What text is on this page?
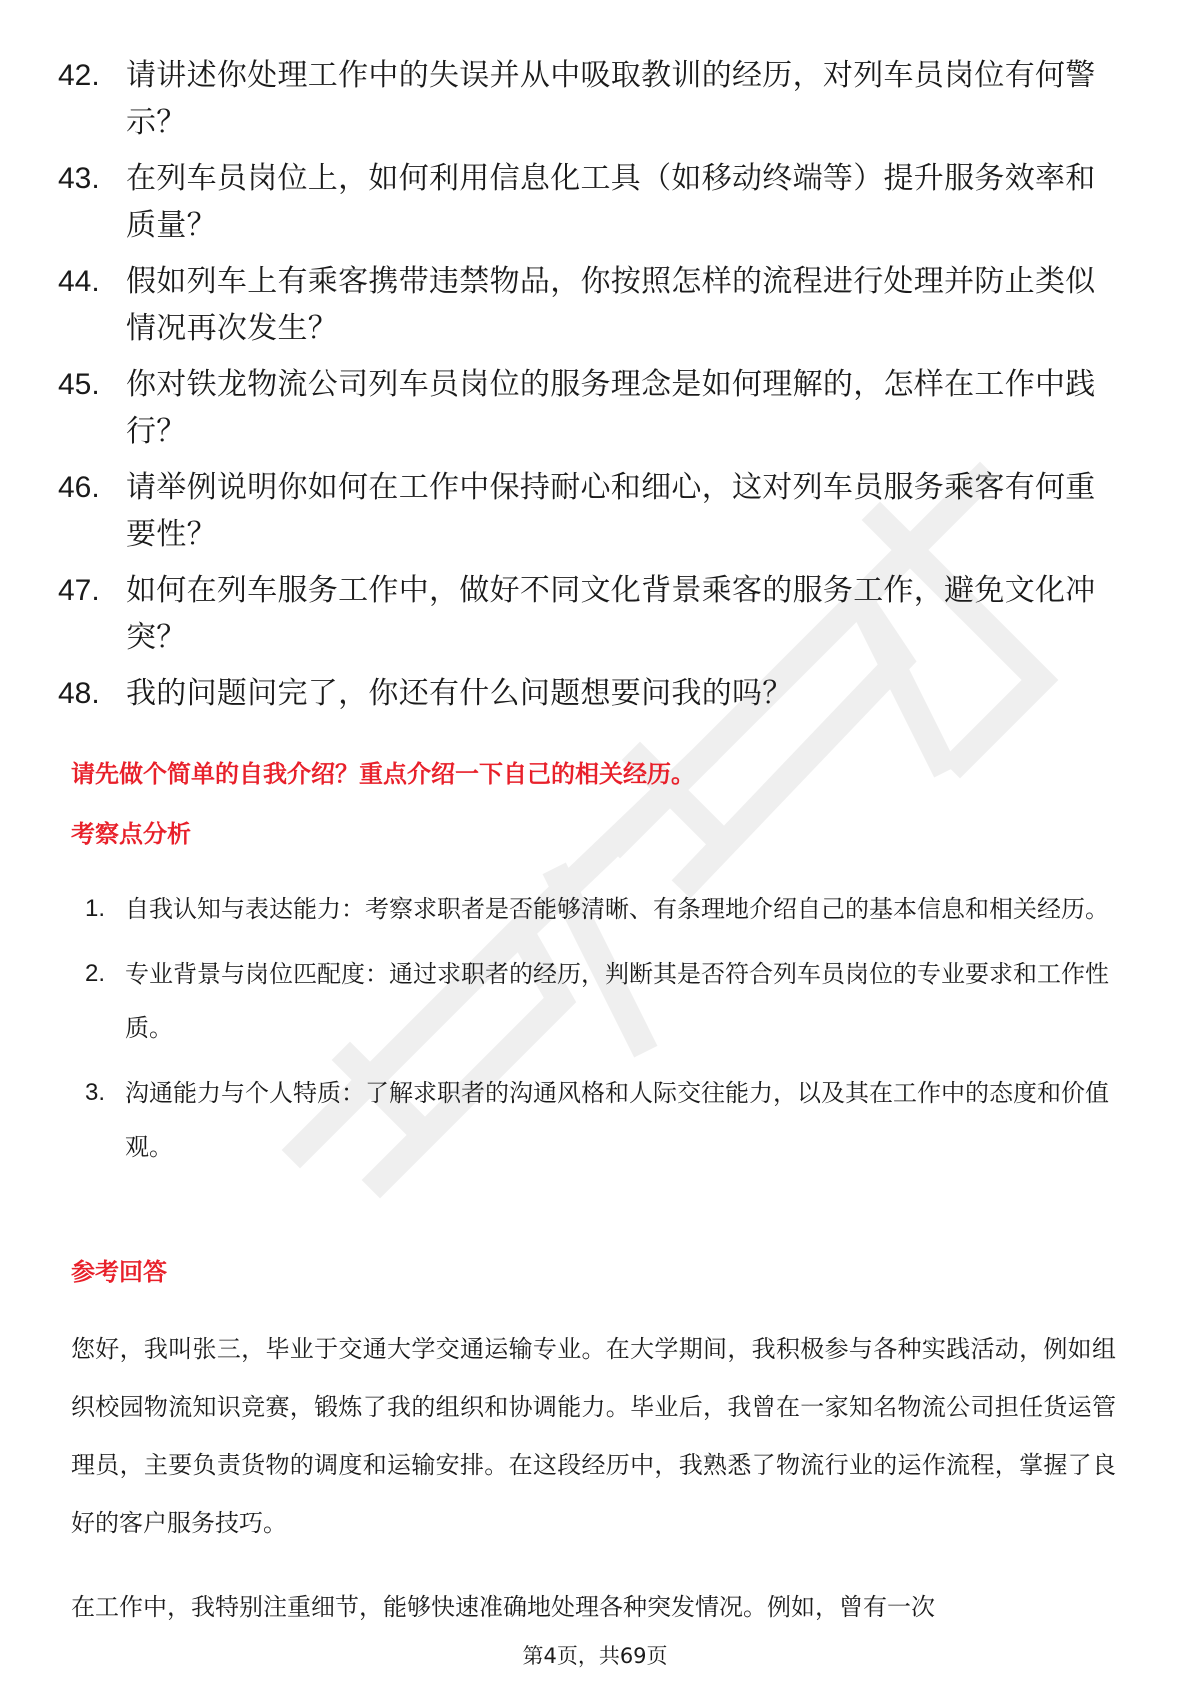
42. 请讲述你处理工作中的失误并从中吸取教训的经历，对列车员岗位有何警示？
43. 在列车员岗位上，如何利用信息化工具（如移动终端等）提升服务效率和质量？
44. 假如列车上有乘客携带违禁物品，你按照怎样的流程进行处理并防止类似情况再次发生？
45. 你对铁龙物流公司列车员岗位的服务理念是如何理解的，怎样在工作中践行？
46. 请举例说明你如何在工作中保持耐心和细心，这对列车员服务乘客有何重要性？
47. 如何在列车服务工作中，做好不同文化背景乘客的服务工作，避免文化冲突？
48. 我的问题问完了，你还有什么问题想要问我的吗？

请先做个简单的自我介绍？重点介绍一下自己的相关经历。

考察点分析

1. 自我认知与表达能力：考察求职者是否能够清晰、有条理地介绍自己的基本信息和相关经历。
2. 专业背景与岗位匹配度：通过求职者的经历，判断其是否符合列车员岗位的专业要求和工作性质。
3. 沟通能力与个人特质：了解求职者的沟通风格和人际交往能力，以及其在工作中的态度和价值观。

参考回答

您好，我叫张三，毕业于交通大学交通运输专业。在大学期间，我积极参与各种实践活动，例如组织校园物流知识竞赛，锻炼了我的组织和协调能力。毕业后，我曾在一家知名物流公司担任货运管理员，主要负责货物的调度和运输安排。在这段经历中，我熟悉了物流行业的运作流程，掌握了良好的客户服务技巧。

在工作中，我特别注重细节，能够快速准确地处理各种突发情况。例如，曾有一次

第4页，共69页
